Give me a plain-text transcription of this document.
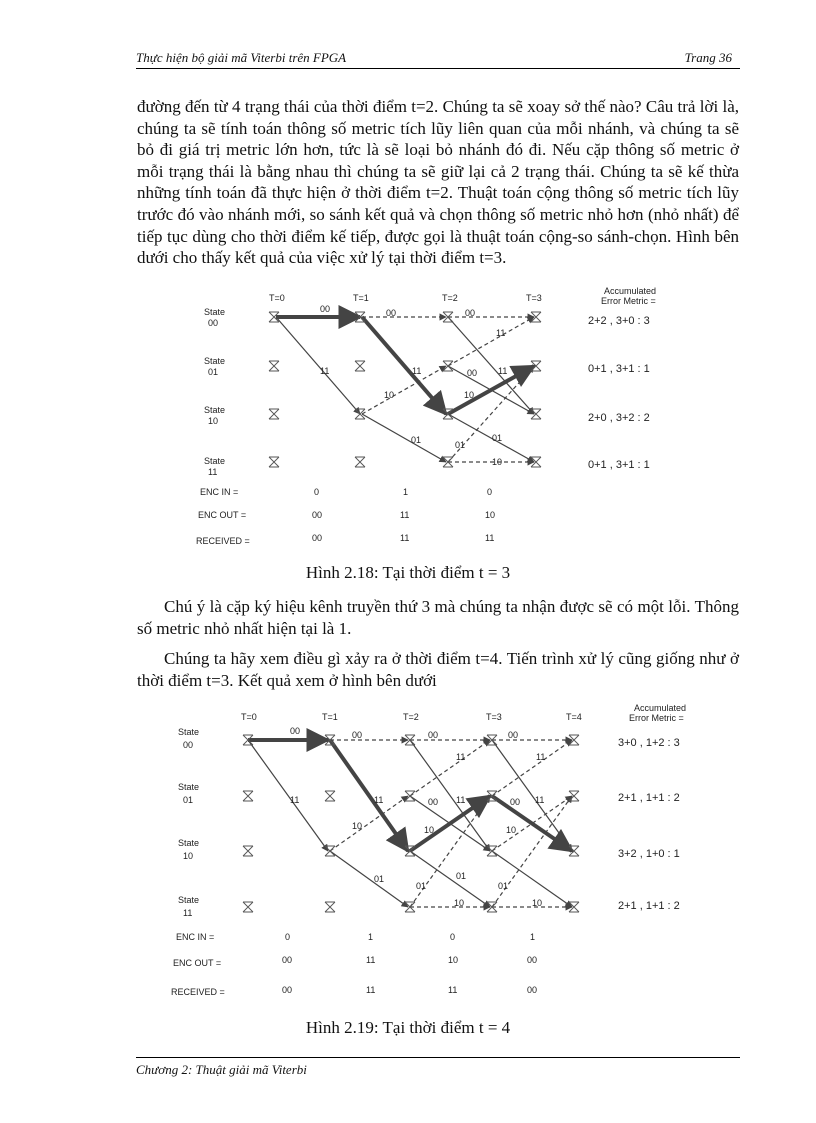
Thực hiện bộ giải mã Viterbi trên FPGA	Trang 36

đường đến từ 4 trạng thái của thời điểm t=2. Chúng ta sẽ xoay sở thế nào? Câu trả lời là, chúng ta sẽ tính toán thông số metric tích lũy liên quan của mỗi nhánh, và chúng ta sẽ bỏ đi giá trị metric lớn hơn, tức là sẽ loại bỏ nhánh đó đi. Nếu cặp thông số metric ở mỗi trạng thái là bằng nhau thì chúng ta sẽ giữ lại cả 2 trạng thái. Chúng ta sẽ kế thừa những tính toán đã thực hiện ở thời điểm t=2. Thuật toán cộng thông số metric tích lũy trước đó vào nhánh mới, so sánh kết quả và chọn thông số metric nhỏ hơn (nhỏ nhất) để tiếp tục dùng cho thời điểm kế tiếp, được gọi là thuật toán cộng-so sánh-chọn. Hình bên dưới cho thấy kết quả của việc xử lý tại thời điểm t=3.

T=0	T=1	T=2	T=3
Accumulated
Error Metric =
State
00
State
01
State
10
State
11
00	00	00
11
11	11	00 11
10	10
01	01
01
10
2+2 , 3+0 : 3
0+1 , 3+1 : 1
2+0 , 3+2 : 2
0+1 , 3+1 : 1
ENC IN =	0	1	0
ENC OUT =	00	11	10
RECEIVED =	00	11	11
Hình 2.18: Tại thời điểm t = 3

Chú ý là cặp ký hiệu kênh truyền thứ 3 mà chúng ta nhận được sẽ có một lỗi. Thông số metric nhỏ nhất hiện tại là 1.

Chúng ta hãy xem điều gì xảy ra ở thời điểm t=4. Tiến trình xử lý cũng giống như ở thời điểm t=3. Kết quả xem ở hình bên dưới

T=0	T=1	T=2	T=3	T=4
Accumulated
Error Metric =
State
00
State
01
State
10
State
11
00	00	00	00
11	11
11	11	00 11	00 11
10	10	10
01
01
01
01
10	10
3+0 , 1+2 : 3
2+1 , 1+1 : 2
3+2 , 1+0 : 1
2+1 , 1+1 : 2
ENC IN =	0	1	0	1
ENC OUT =	00	11	10	00
RECEIVED =	00	11	11	00
Hình 2.19: Tại thời điểm t = 4
Chương 2: Thuật giải mã Viterbi
